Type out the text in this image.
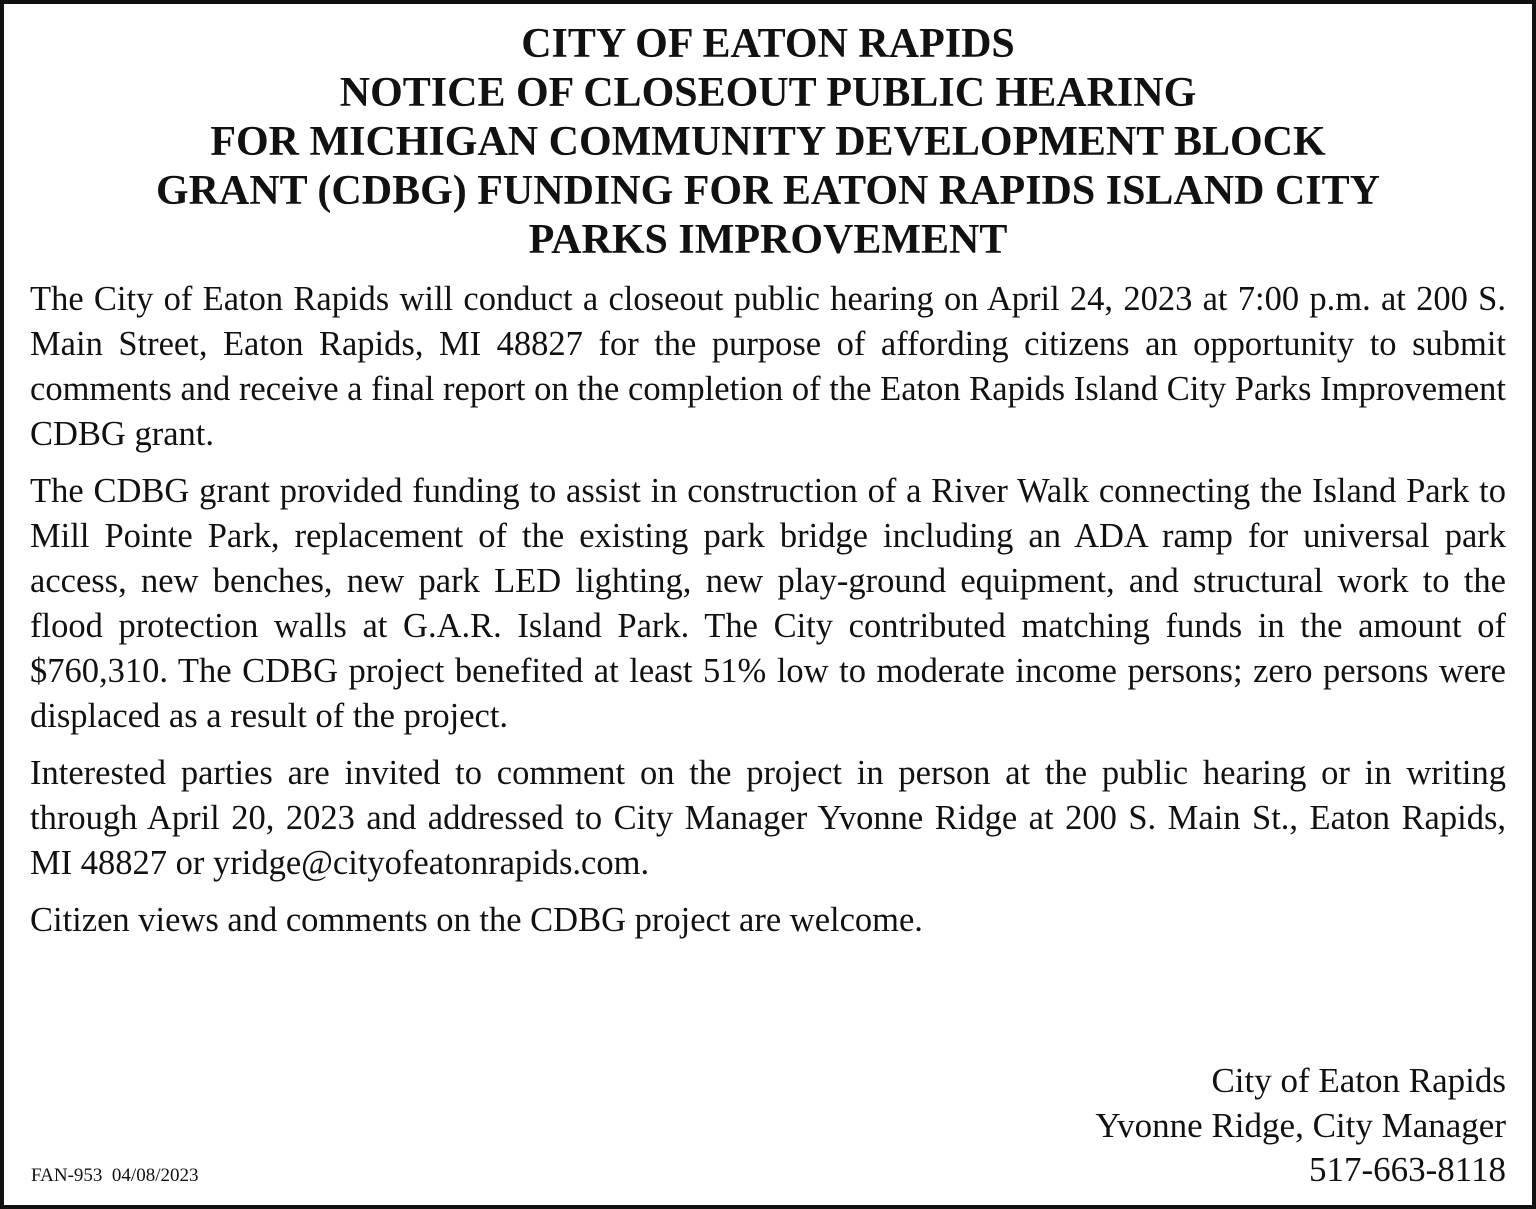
CITY OF EATON RAPIDS
NOTICE OF CLOSEOUT PUBLIC HEARING
FOR MICHIGAN COMMUNITY DEVELOPMENT BLOCK
GRANT (CDBG) FUNDING FOR EATON RAPIDS ISLAND CITY
PARKS IMPROVEMENT

The City of Eaton Rapids will conduct a closeout public hearing on April 24, 2023 at 7:00 p.m. at 200 S. Main Street, Eaton Rapids, MI 48827 for the purpose of affording citizens an opportunity to submit comments and receive a final report on the completion of the Eaton Rapids Island City Parks Improvement CDBG grant.

The CDBG grant provided funding to assist in construction of a River Walk connecting the Island Park to Mill Pointe Park, replacement of the existing park bridge including an ADA ramp for universal park access, new benches, new park LED lighting, new play-ground equipment, and structural work to the flood protection walls at G.A.R. Island Park. The City contributed matching funds in the amount of $760,310. The CDBG project benefited at least 51% low to moderate income persons; zero persons were displaced as a result of the project.

Interested parties are invited to comment on the project in person at the public hearing or in writing through April 20, 2023 and addressed to City Manager Yvonne Ridge at 200 S. Main St., Eaton Rapids, MI 48827 or yridge@cityofeatonrapids.com.

Citizen views and comments on the CDBG project are welcome.

City of Eaton Rapids
Yvonne Ridge, City Manager
517-663-8118
FAN-953  04/08/2023
